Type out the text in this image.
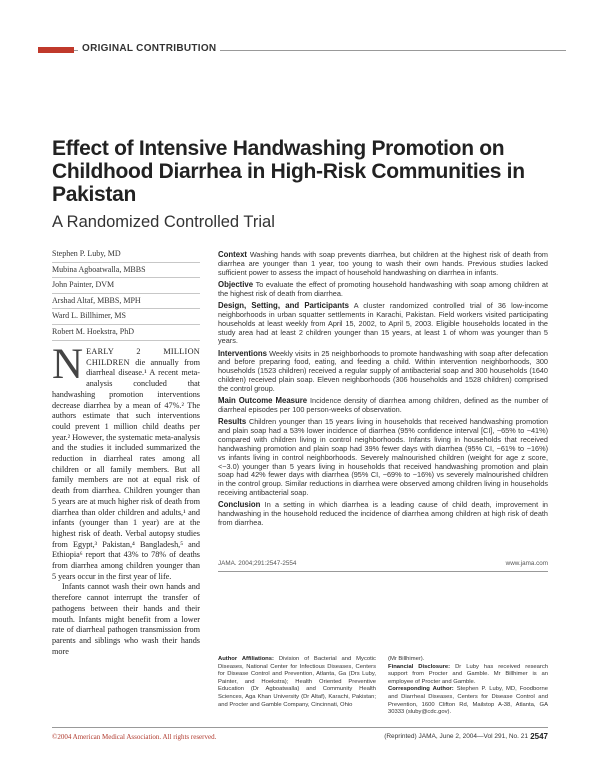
ORIGINAL CONTRIBUTION
Effect of Intensive Handwashing Promotion on Childhood Diarrhea in High-Risk Communities in Pakistan
A Randomized Controlled Trial
Stephen P. Luby, MD
Mubina Agboatwalla, MBBS
John Painter, DVM
Arshad Altaf, MBBS, MPH
Ward L. Billhimer, MS
Robert M. Hoekstra, PhD

Context Washing hands with soap prevents diarrhea, but children at the highest risk of death from diarrhea are younger than 1 year, too young to wash their own hands. Previous studies lacked sufficient power to assess the impact of household handwashing on diarrhea in infants.

Objective To evaluate the effect of promoting household handwashing with soap among children at the highest risk of death from diarrhea.

Design, Setting, and Participants A cluster randomized controlled trial of 36 low-income neighborhoods in urban squatter settlements in Karachi, Pakistan. Field workers visited participating households at least weekly from April 15, 2002, to April 5, 2003. Eligible households located in the study area had at least 2 children younger than 15 years, at least 1 of whom was younger than 5 years.

Interventions Weekly visits in 25 neighborhoods to promote handwashing with soap after defecation and before preparing food, eating, and feeding a child. Within intervention neighborhoods, 300 households (1523 children) received a regular supply of antibacterial soap and 300 households (1640 children) received plain soap. Eleven neighborhoods (306 households and 1528 children) comprised the control group.

Main Outcome Measure Incidence density of diarrhea among children, defined as the number of diarrheal episodes per 100 person-weeks of observation.

Results Children younger than 15 years living in households that received handwashing promotion and plain soap had a 53% lower incidence of diarrhea (95% confidence interval [CI], −65% to −41%) compared with children living in control neighborhoods. Infants living in households that received handwashing promotion and plain soap had 39% fewer days with diarrhea (95% CI, −61% to −16%) vs infants living in control neighborhoods. Severely malnourished children (weight for age z score, <−3.0) younger than 5 years living in households that received handwashing promotion and plain soap had 42% fewer days with diarrhea (95% CI, −69% to −16%) vs severely malnourished children in the control group. Similar reductions in diarrhea were observed among children living in households receiving antibacterial soap.

Conclusion In a setting in which diarrhea is a leading cause of child death, improvement in handwashing in the household reduced the incidence of diarrhea among children at high risk of death from diarrhea.

JAMA. 2004;291:2547-2554	www.jama.com

NEARLY 2 MILLION CHILDREN die annually from diarrheal disease.¹ A recent meta-analysis concluded that handwashing promotion interventions decrease diarrhea by a mean of 47%.² The authors estimate that such interventions could prevent 1 million child deaths per year.² However, the systematic meta-analysis and the studies it included summarized the reduction in diarrheal rates among all children or all family members. But all family members are not at equal risk of death from diarrhea. Children younger than 5 years are at much higher risk of death from diarrhea than older children and adults,¹ and infants (younger than 1 year) are at the highest risk of death. Verbal autopsy studies from Egypt,³ Pakistan,⁴ Bangladesh,⁵ and Ethiopia⁶ report that 43% to 78% of deaths from diarrhea among children younger than 5 years occur in the first year of life.

Infants cannot wash their own hands and therefore cannot interrupt the transfer of pathogens between their hands and their mouth. Infants might benefit from a lower rate of diarrheal pathogen transmission from parents and siblings who wash their hands more

Author Affiliations: Division of Bacterial and Mycotic Diseases, National Center for Infectious Diseases, Centers for Disease Control and Prevention, Atlanta, Ga (Drs Luby, Painter, and Hoekstra); Health Oriented Preventive Education (Dr Agboatwalla) and Community Health Sciences, Aga Khan University (Dr Altaf), Karachi, Pakistan; and Procter and Gamble Company, Cincinnati, Ohio
(Mr Billhimer).
Financial Disclosure: Dr Luby has received research support from Procter and Gamble. Mr Billhimer is an employee of Procter and Gamble.
Corresponding Author: Stephen P. Luby, MD, Foodborne and Diarrheal Diseases, Centers for Disease Control and Prevention, 1600 Clifton Rd, Mailstop A-38, Atlanta, GA 30333 (sluby@cdc.gov).
©2004 American Medical Association. All rights reserved.	(Reprinted) JAMA, June 2, 2004—Vol 291, No. 21 2547
